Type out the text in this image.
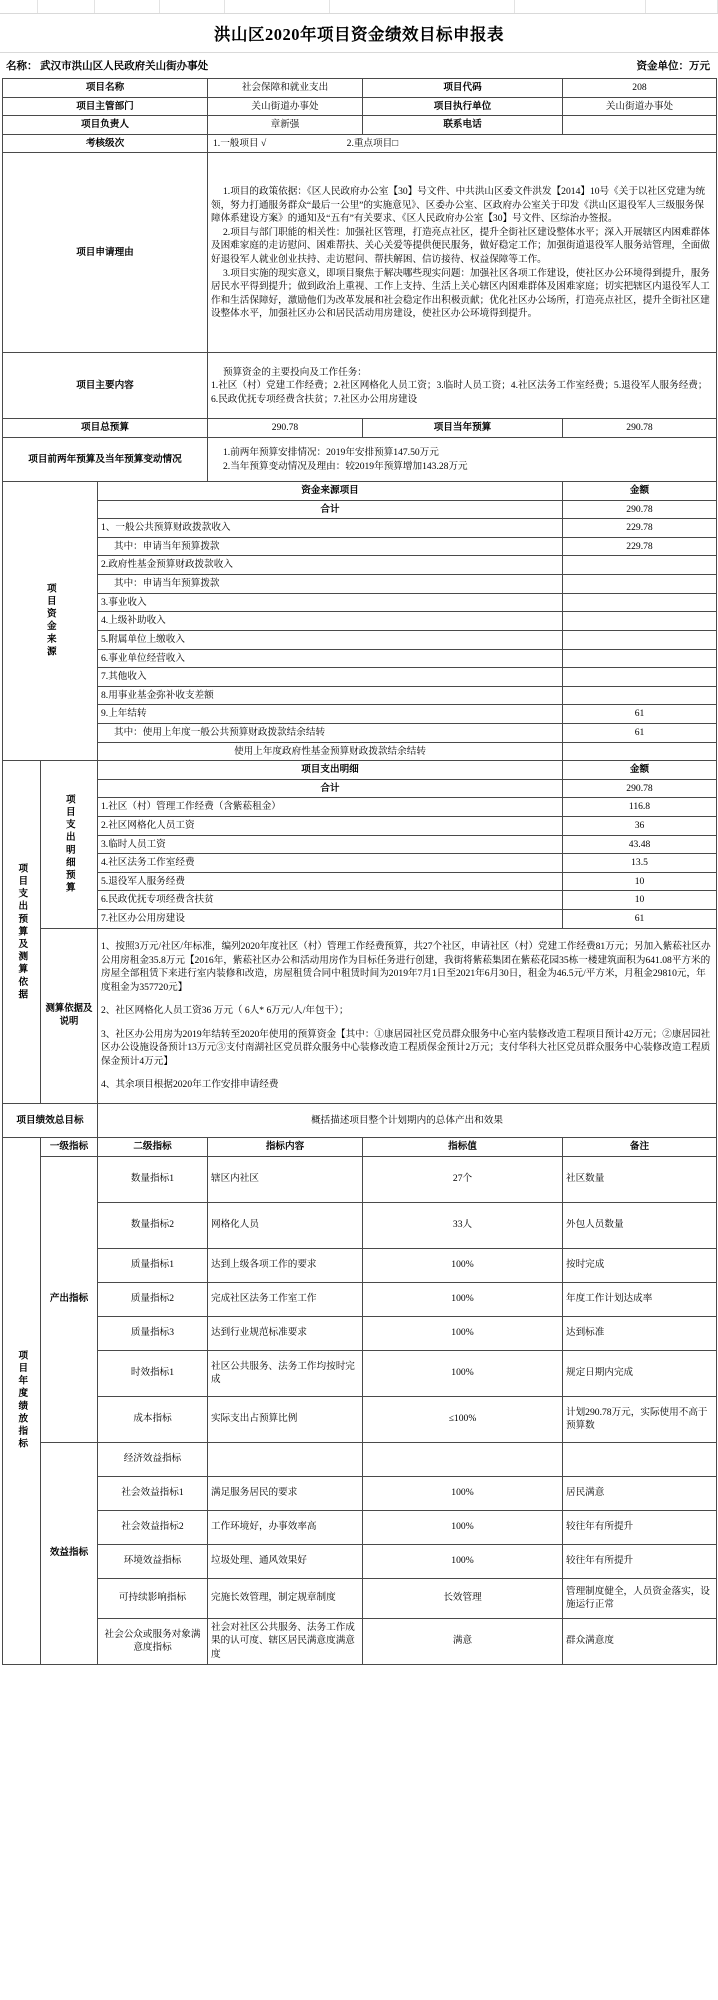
洪山区2020年项目资金绩效目标申报表
名称： 武汉市洪山区人民政府关山街办事处	资金单位：万元
项目名称			社会保障和就业支出	项目代码	208
项目主管部门			关山街道办事处	项目执行单位	关山街道办事处
项目负责人			章新强	联系电话	
考核级次			1.一般项目 √ 2.重点项目□		
项目申请理由			1.项目的政策依据：《区人民政府办公室【30】号文件、中共洪山区委文件洪发【2014】10号《关于以社区党建为统领，努力打通服务群众“最后一公里”的实施意见》、区委办公室、区政府办公室关于印发《洪山区退役军人三级服务保障体系建设方案》的通知及“五有”有关要求、《区人民政府办公室【30】号文件、区综治办签报。

2.项目与部门职能的相关性：加强社区管理，打造亮点社区，提升全街社区建设整体水平；深入开展辖区内困难群体及困难家庭的走访慰问、困难帮扶、关心关爱等提供便民服务，做好稳定工作；加强街道退役军人服务站管理，全面做好退役军人就业创业扶持、走访慰问、帮扶解困、信访接待、权益保障等工作。

3.项目实施的现实意义，即项目聚焦于解决哪些现实问题：加强社区各项工作建设，使社区办公环境得到提升，服务居民水平得到提升；做到政治上重视、工作上支持、生活上关心辖区内困难群体及困难家庭；切实把辖区内退役军人工作和生活保障好，激励他们为改革发展和社会稳定作出积极贡献；优化社区办公场所，打造亮点社区，提升全街社区建设整体水平，加强社区办公和居民活动用房建设，使社区办公环境得到提升。		

项目主要内容			预算资金的主要投向及工作任务：

1.社区（村）党建工作经费；2.社区网格化人员工资；3.临时人员工资；4.社区法务工作室经费；5.退役军人服务经费；6.民政优抚专项经费含扶贫；7.社区办公用房建设		

项目总预算			290.78	项目当年预算	290.78
项目前两年预算及当年预算变动情况			1.前两年预算安排情况：2019年安排预算147.50万元

2.当年预算变动情况及理由：较2019年预算增加143.28万元		

项目资金来源		资金来源项目			金额
		合计			290.78
		1、一般公共预算财政拨款收入			229.78
		其中：申请当年预算拨款			229.78
		2.政府性基金预算财政拨款收入			
		其中：申请当年预算拨款			
		3.事业收入			
		4.上级补助收入			
		5.附属单位上缴收入			
		6.事业单位经营收入			
		7.其他收入			
		8.用事业基金弥补收支差额			
		9.上年结转			61
		其中：使用上年度一般公共预算财政拨款结余结转			61
		使用上年度政府性基金预算财政拨款结余结转			

项目支出预算及测算依据	项目支出明细预算	项目支出明细			金额
		合计			290.78
		1.社区（村）管理工作经费（含紫菘租金）			116.8
		2.社区网格化人员工资			36
		3.临时人员工资			43.48
		4.社区法务工作室经费			13.5
		5.退役军人服务经费			10
		6.民政优抚专项经费含扶贫			10
		7.社区办公用房建设			61

	测算依据及说明	1、按照3万元/社区/年标准，编列2020年度社区（村）管理工作经费预算，共27个社区，申请社区（村）党建工作经费81万元；另加入紫菘社区办公用房租金35.8万元【2016年，紫菘社区办公和活动用房作为目标任务进行创建，我街将紫菘集团在紫菘花园35栋一楼建筑面积为641.08平方米的房屋全部租赁下来进行室内装修和改造，房屋租赁合同中租赁时间为2019年7月1日至2021年6月30日，租金为46.5元/平方米，月租金29810元，年度租金为357720元】

2、社区网格化人员工资36 万元（ 6人* 6万元/人/年包干）；

3、社区办公用房为2019年结转至2020年使用的预算资金【其中：①康居园社区党员群众服务中心室内装修改造工程项目预计42万元；②康居园社区办公设施设备预计13万元③支付南湖社区党员群众服务中心装修改造工程质保金预计2万元；支付华科大社区党员群众服务中心装修改造工程质保金预计4万元】

4、其余项目根据2020年工作安排申请经费			

项目绩效总目标		概括描述项目整个计划期内的总体产出和效果			

项目年度绩放指标	一级指标	二级指标	指标内容	指标值	备注
	产出指标	数量指标1	辖区内社区	27个	社区数量
		数量指标2	网格化人员	33人	外包人员数量
		质量指标1	达到上级各项工作的要求	100%	按时完成
		质量指标2	完成社区法务工作室工作	100%	年度工作计划达成率
		质量指标3	达到行业规范标准要求	100%	达到标准
		时效指标1	社区公共服务、法务工作均按时完成	100%	规定日期内完成
		成本指标	实际支出占预算比例	≤100%	计划290.78万元，实际使用不高于预算数
	效益指标	经济效益指标			
		社会效益指标1	满足服务居民的要求	100%	居民满意
		社会效益指标2	工作环境好，办事效率高	100%	较往年有所提升
		环境效益指标	垃圾处理、通风效果好	100%	较往年有所提升
		可持续影响指标	完施长效管理，制定规章制度	长效管理	管理制度健全，人员资金落实，设施运行正常
		社会公众或服务对象满意度指标	社会对社区公共服务、法务工作成果的认可度、辖区居民满意度满意度	满意	群众满意度
